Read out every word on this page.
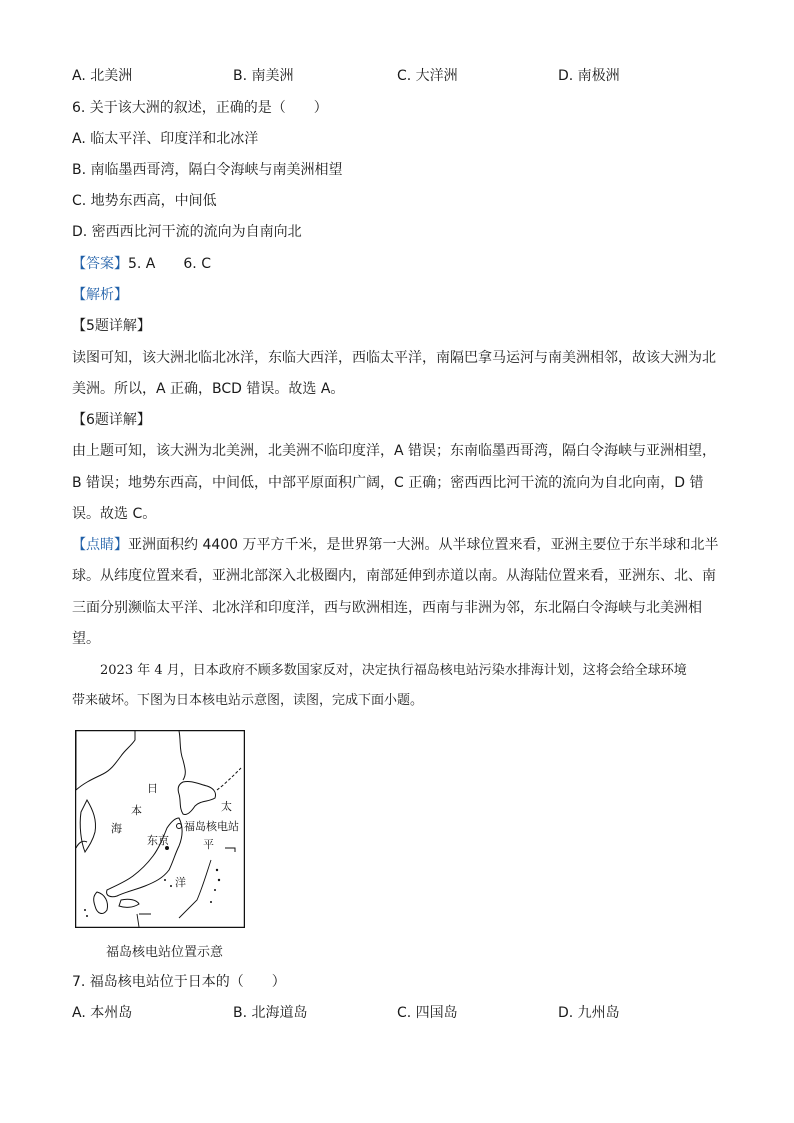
A. 北美洲	B. 南美洲	C. 大洋洲	D. 南极洲
6. 关于该大洲的叙述，正确的是（　　）
A. 临太平洋、印度洋和北冰洋
B. 南临墨西哥湾，隔白令海峡与南美洲相望
C. 地势东西高，中间低
D. 密西西比河干流的流向为自南向北
【答案】5. A　　6. C
【解析】
【5题详解】
读图可知，该大洲北临北冰洋，东临大西洋，西临太平洋，南隔巴拿马运河与南美洲相邻，故该大洲为北
美洲。所以，A 正确，BCD 错误。故选 A。
【6题详解】
由上题可知，该大洲为北美洲，北美洲不临印度洋，A 错误；东南临墨西哥湾，隔白令海峡与亚洲相望，
B 错误；地势东西高，中间低，中部平原面积广阔，C 正确；密西西比河干流的流向为自北向南，D 错
误。故选 C。
【点睛】亚洲面积约 4400 万平方千米，是世界第一大洲。从半球位置来看，亚洲主要位于东半球和北半
球。从纬度位置来看，亚洲北部深入北极圈内，南部延伸到赤道以南。从海陆位置来看，亚洲东、北、南
三面分别濒临太平洋、北冰洋和印度洋，西与欧洲相连，西南与非洲为邻，东北隔白令海峡与北美洲相
望。
2023 年 4 月，日本政府不顾多数国家反对，决定执行福岛核电站污染水排海计划，这将会给全球环境
带来破坏。下图为日本核电站示意图，读图，完成下面小题。
日
本
海
太
平
洋
福岛核电站
东京
福岛核电站位置示意
7. 福岛核电站位于日本的（　　）
A. 本州岛	B. 北海道岛	C. 四国岛	D. 九州岛
